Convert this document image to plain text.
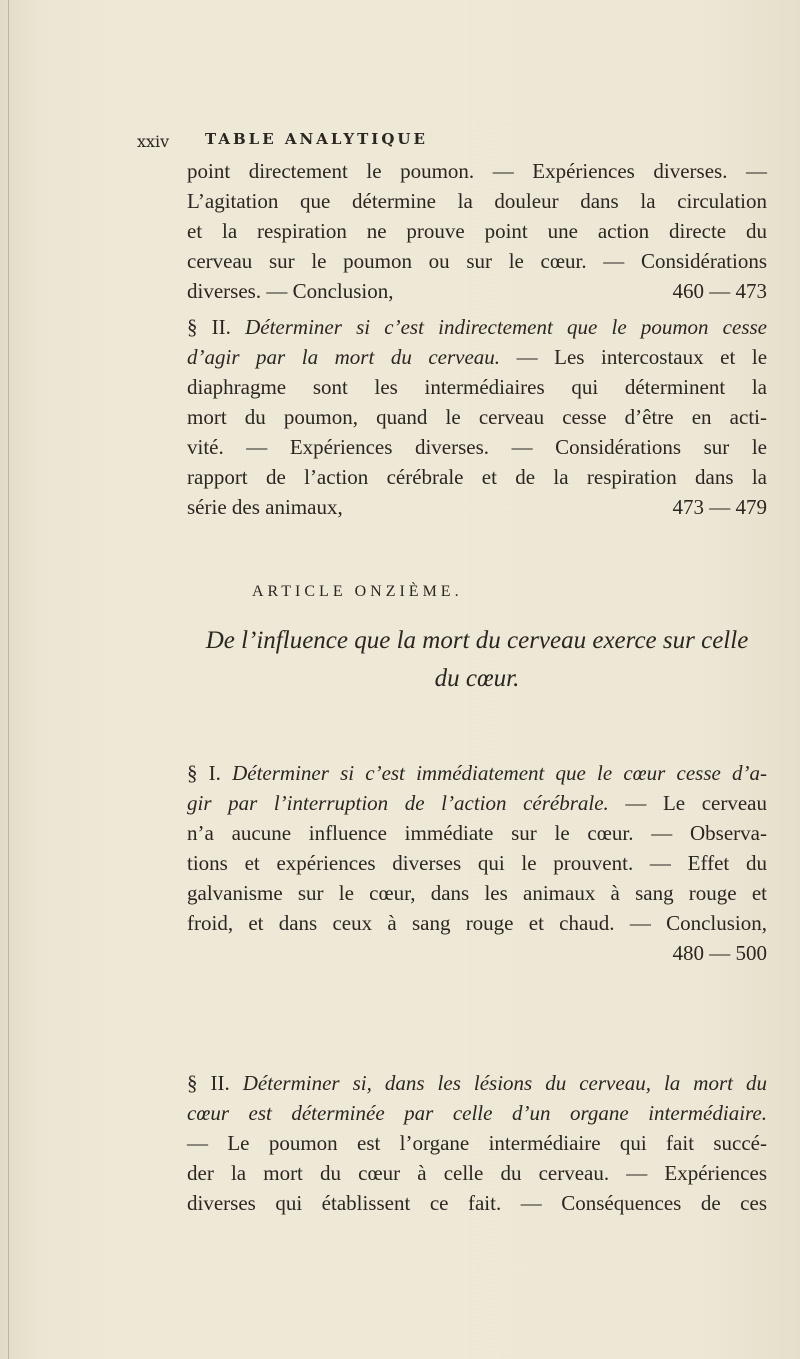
xxiv TABLE ANALYTIQUE
point directement le poumon. — Expériences diverses. —
L’agitation que détermine la douleur dans la circulation
et la respiration ne prouve point une action directe du
cerveau sur le poumon ou sur le cœur. — Considérations
diverses. — Conclusion,	460 — 473
§ II. Déterminer si c’est indirectement que le poumon cesse
d’agir par la mort du cerveau. — Les intercostaux et le
diaphragme sont les intermédiaires qui déterminent la
mort du poumon, quand le cerveau cesse d’être en acti-
vité. — Expériences diverses. — Considérations sur le
rapport de l’action cérébrale et de la respiration dans la
série des animaux,	473 — 479
ARTICLE ONZIÈME.
De l’influence que la mort du cerveau exerce sur celle
du cœur.
§ I. Déterminer si c’est immédiatement que le cœur cesse d’a-
gir par l’interruption de l’action cérébrale. — Le cerveau
n’a aucune influence immédiate sur le cœur. — Observa-
tions et expériences diverses qui le prouvent. — Effet du
galvanisme sur le cœur, dans les animaux à sang rouge et
froid, et dans ceux à sang rouge et chaud. — Conclusion,
480 — 500
§ II. Déterminer si, dans les lésions du cerveau, la mort du
cœur est déterminée par celle d’un organe intermédiaire.
— Le poumon est l’organe intermédiaire qui fait succé-
der la mort du cœur à celle du cerveau. — Expériences
diverses qui établissent ce fait. — Conséquences de ces
